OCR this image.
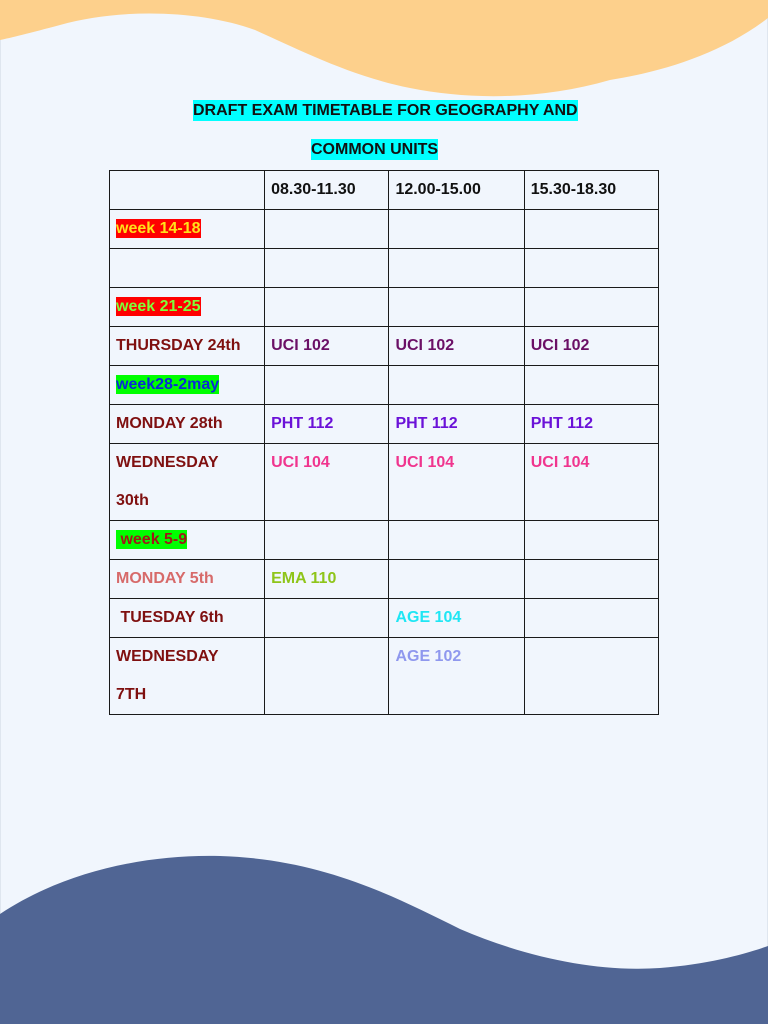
DRAFT EXAM TIMETABLE FOR GEOGRAPHY AND
COMMON UNITS
	08.30-11.30	12.00-15.00	15.30-18.30
week 14-18			

week 21-25			
THURSDAY 24th	UCI 102	UCI 102	UCI 102
week28-2may			
MONDAY 28th	PHT 112	PHT 112	PHT 112

WEDNESDAY 30th	UCI 104	UCI 104	UCI 104
week 5-9			
MONDAY 5th	EMA 110		
TUESDAY 6th		AGE 104	

WEDNESDAY 7TH		AGE 102	
